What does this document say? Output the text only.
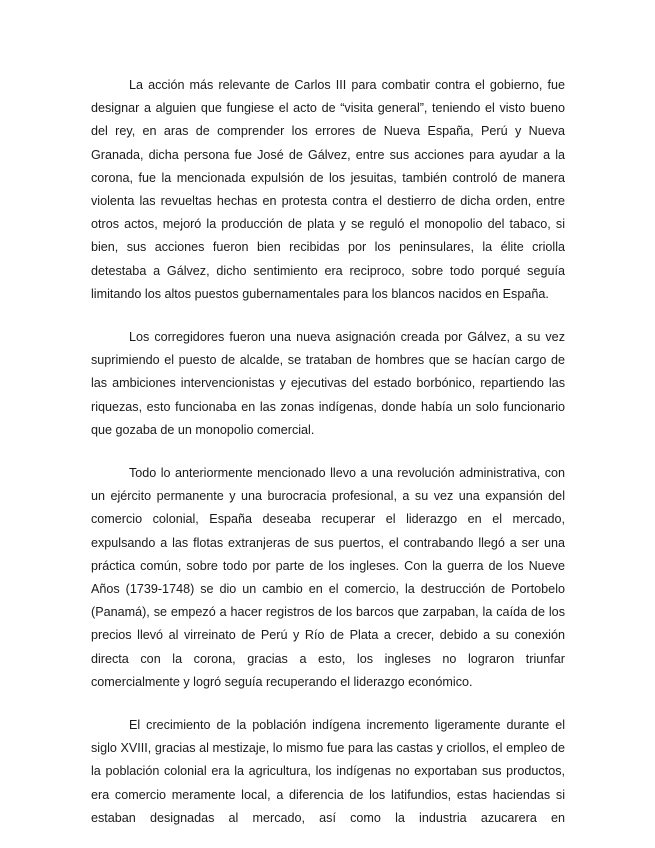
La acción más relevante de Carlos III para combatir contra el gobierno, fue designar a alguien que fungiese el acto de “visita general”, teniendo el visto bueno del rey, en aras de comprender los errores de Nueva España, Perú y Nueva Granada, dicha persona fue José de Gálvez, entre sus acciones para ayudar a la corona, fue la mencionada expulsión de los jesuitas, también controló de manera violenta las revueltas hechas en protesta contra el destierro de dicha orden, entre otros actos, mejoró la producción de plata y se reguló el monopolio del tabaco, si bien, sus acciones fueron bien recibidas por los peninsulares, la élite criolla detestaba a Gálvez, dicho sentimiento era reciproco, sobre todo porqué seguía limitando los altos puestos gubernamentales para los blancos nacidos en España.

Los corregidores fueron una nueva asignación creada por Gálvez, a su vez suprimiendo el puesto de alcalde, se trataban de hombres que se hacían cargo de las ambiciones intervencionistas y ejecutivas del estado borbónico, repartiendo las riquezas, esto funcionaba en las zonas indígenas, donde había un solo funcionario que gozaba de un monopolio comercial.

Todo lo anteriormente mencionado llevo a una revolución administrativa, con un ejército permanente y una burocracia profesional, a su vez una expansión del comercio colonial, España deseaba recuperar el liderazgo en el mercado, expulsando a las flotas extranjeras de sus puertos, el contrabando llegó a ser una práctica común, sobre todo por parte de los ingleses. Con la guerra de los Nueve Años (1739-1748) se dio un cambio en el comercio, la destrucción de Portobelo (Panamá), se empezó a hacer registros de los barcos que zarpaban, la caída de los precios llevó al virreinato de Perú y Río de Plata a crecer, debido a su conexión directa con la corona, gracias a esto, los ingleses no lograron triunfar comercialmente y logró seguía recuperando el liderazgo económico.

El crecimiento de la población indígena incremento ligeramente durante el siglo XVIII, gracias al mestizaje, lo mismo fue para las castas y criollos, el empleo de la población colonial era la agricultura, los indígenas no exportaban sus productos, era comercio meramente local, a diferencia de los latifundios, estas haciendas si estaban designadas al mercado, así como la industria azucarera en
